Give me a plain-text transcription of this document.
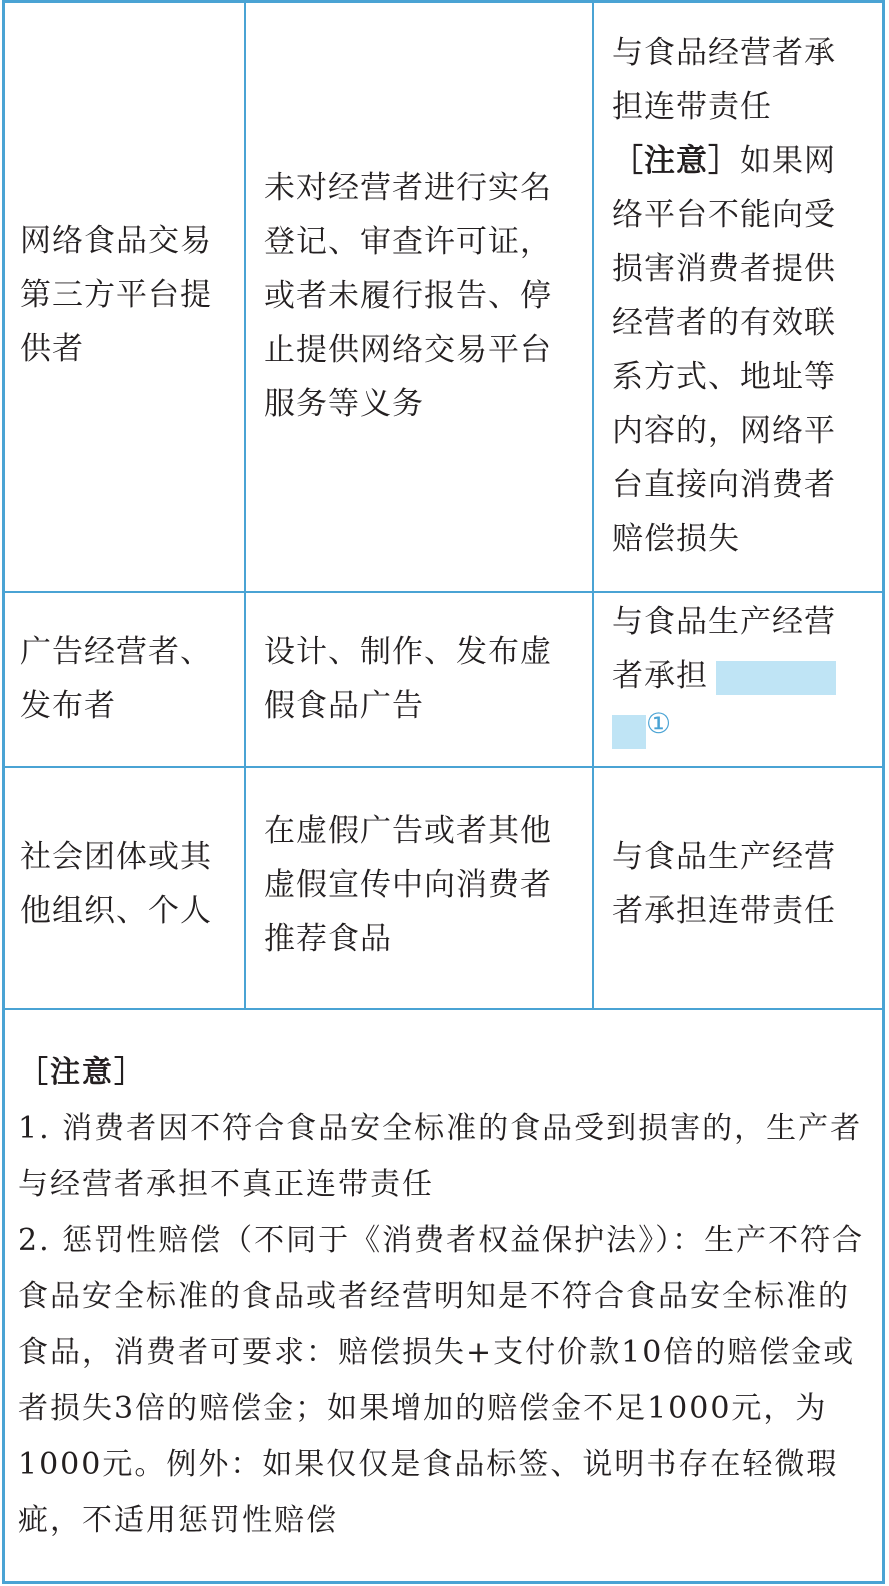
网络食品交易第三方平台提供者

未对经营者进行实名登记、审查许可证，或者未履行报告、停止提供网络交易平台服务等义务

与食品经营者承担连带责任

［注意］如果网络平台不能向受损害消费者提供经营者的有效联系方式、地址等内容的，网络平台直接向消费者赔偿损失

广告经营者、发布者

设计、制作、发布虚假食品广告

与食品生产经营者承担
①

社会团体或其他组织、个人

在虚假广告或者其他虚假宣传中向消费者推荐食品

与食品生产经营者承担连带责任

［注意］

1. 消费者因不符合食品安全标准的食品受到损害的，生产者与经营者承担不真正连带责任

2. 惩罚性赔偿（不同于《消费者权益保护法》）：生产不符合食品安全标准的食品或者经营明知是不符合食品安全标准的食品，消费者可要求：赔偿损失+支付价款10倍的赔偿金或者损失3倍的赔偿金；如果增加的赔偿金不足1000元，为1000元。例外：如果仅仅是食品标签、说明书存在轻微瑕疵，不适用惩罚性赔偿
